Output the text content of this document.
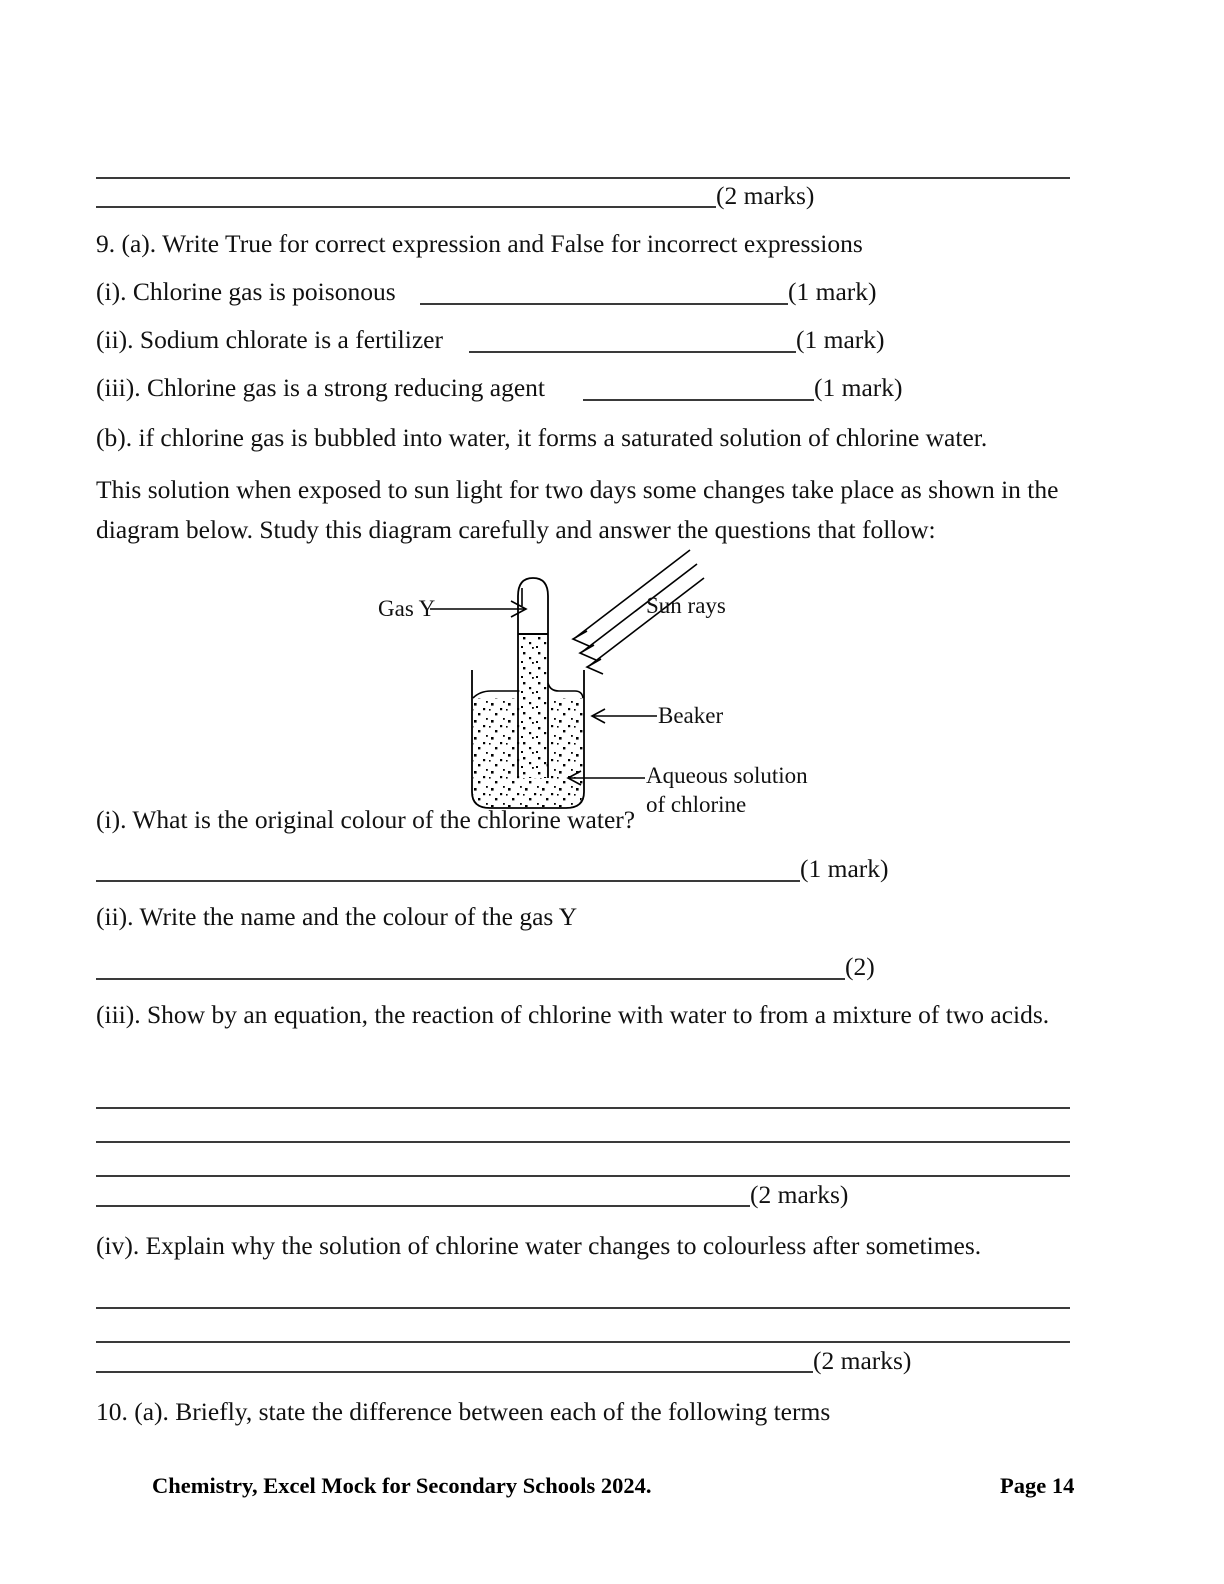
(2 marks)
9. (a). Write True for correct expression and False for incorrect expressions
(i). Chlorine gas is poisonous	(1 mark)
(ii). Sodium chlorate is a fertilizer	(1 mark)
(iii). Chlorine gas is a strong reducing agent	(1 mark)
(b). if chlorine gas is bubbled into water, it forms a saturated solution of chlorine water.
This solution when exposed to sun light for two days some changes take place as shown in the diagram below. Study this diagram carefully and answer the questions that follow:
Gas Y	Sun rays
Beaker
Aqueous solution
of chlorine
(i). What is the original colour of the chlorine water?
(1 mark)
(ii). Write the name and the colour of the gas Y
(2)
(iii). Show by an equation, the reaction of chlorine with water to from a mixture of two acids.
(2 marks)
(iv). Explain why the solution of chlorine water changes to colourless after sometimes.
(2 marks)
10. (a). Briefly, state the difference between each of the following terms
Chemistry, Excel Mock for Secondary Schools 2024.	Page 14
